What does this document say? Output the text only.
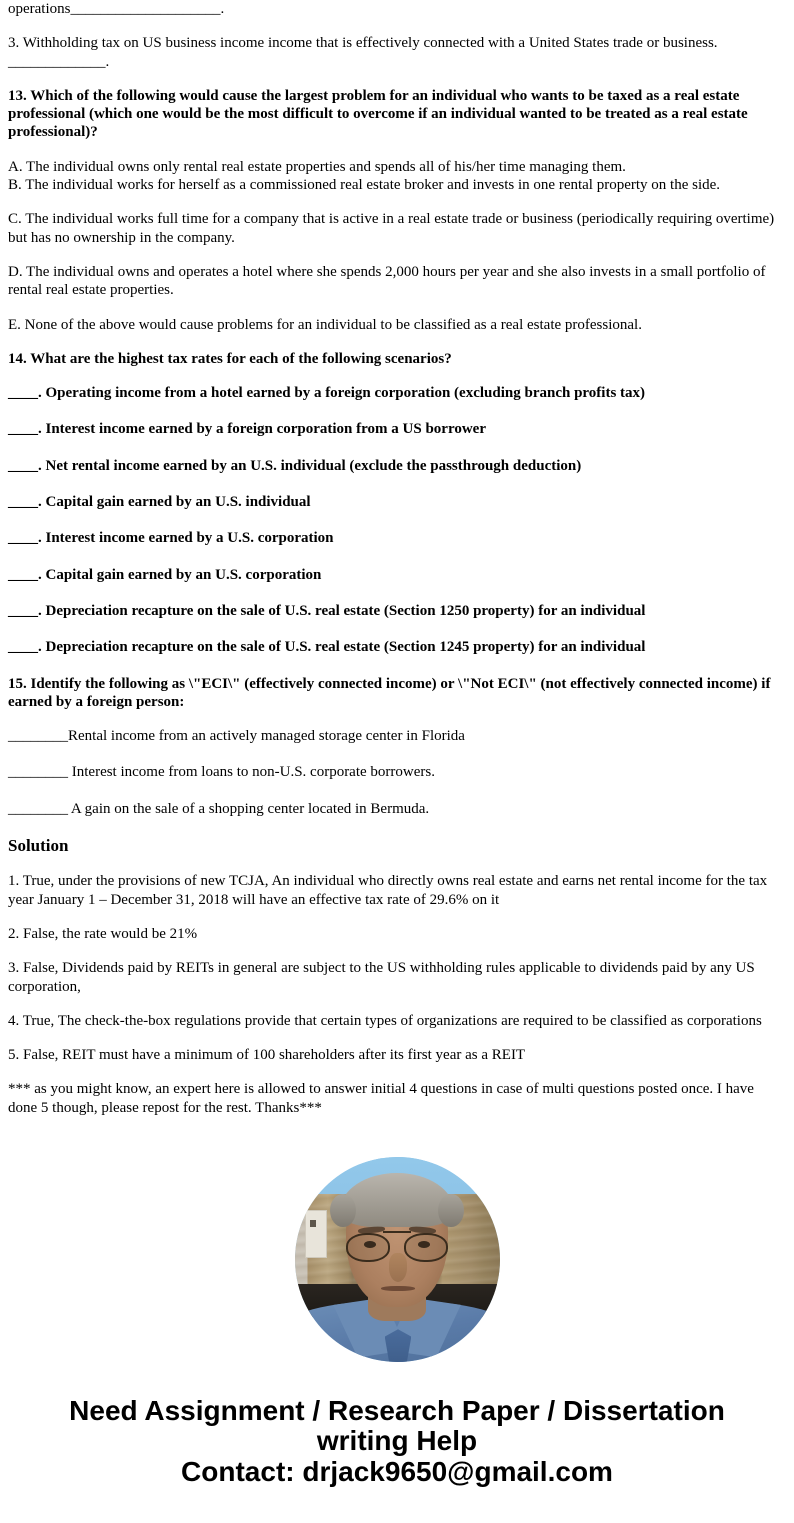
operations____________________.

3. Withholding tax on US business income income that is effectively connected with a United States trade or business. _____________.

13. Which of the following would cause the largest problem for an individual who wants to be taxed as a real estate professional (which one would be the most difficult to overcome if an individual wanted to be treated as a real estate professional)?

A. The individual owns only rental real estate properties and spends all of his/her time managing them.

B. The individual works for herself as a commissioned real estate broker and invests in one rental property on the side.

C. The individual works full time for a company that is active in a real estate trade or business (periodically requiring overtime) but has no ownership in the company.

D. The individual owns and operates a hotel where she spends 2,000 hours per year and she also invests in a small portfolio of rental real estate properties.

E. None of the above would cause problems for an individual to be classified as a real estate professional.

14. What are the highest tax rates for each of the following scenarios?

____. Operating income from a hotel earned by a foreign corporation (excluding branch profits tax)

____. Interest income earned by a foreign corporation from a US borrower

____. Net rental income earned by an U.S. individual (exclude the passthrough deduction)

____. Capital gain earned by an U.S. individual

____. Interest income earned by a U.S. corporation

____. Capital gain earned by an U.S. corporation

____. Depreciation recapture on the sale of U.S. real estate (Section 1250 property) for an individual

____. Depreciation recapture on the sale of U.S. real estate (Section 1245 property) for an individual

15. Identify the following as \"ECI\" (effectively connected income) or \"Not ECI\" (not effectively connected income) if earned by a foreign person:

________Rental income from an actively managed storage center in Florida

________ Interest income from loans to non-U.S. corporate borrowers.

________ A gain on the sale of a shopping center located in Bermuda.

Solution

1. True, under the provisions of new TCJA, An individual who directly owns real estate and earns net rental income for the tax year January 1 – December 31, 2018 will have an effective tax rate of 29.6% on it

2. False, the rate would be 21%

3. False, Dividends paid by REITs in general are subject to the US withholding rules applicable to dividends paid by any US corporation,

4. True, The check-the-box regulations provide that certain types of organizations are required to be classified as corporations

5. False, REIT must have a minimum of 100 shareholders after its first year as a REIT

*** as you might know, an expert here is allowed to answer initial 4 questions in case of multi questions posted once. I have done 5 though, please repost for the rest. Thanks***

Need Assignment / Research Paper / Dissertation
writing Help
Contact: drjack9650@gmail.com
